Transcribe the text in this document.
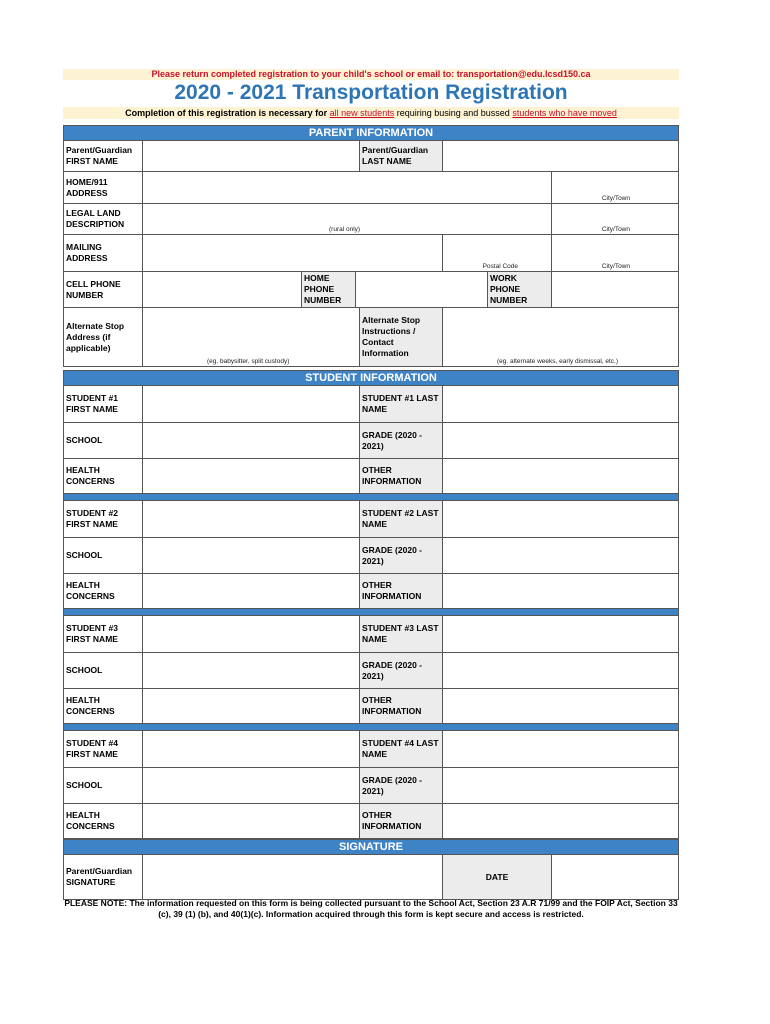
Please return completed registration to your child's school or email to: transportation@edu.lcsd150.ca
2020 - 2021 Transportation Registration
Completion of this registration is necessary for all new students requiring busing and bussed students who have moved
PARENT INFORMATION
Parent/Guardian FIRST NAME
Parent/Guardian LAST NAME
HOME/911 ADDRESS
City/Town
LEGAL LAND DESCRIPTION
(rural only)	City/Town
MAILING ADDRESS
Postal Code	City/Town
CELL PHONE NUMBER
HOME PHONE NUMBER
WORK PHONE NUMBER
Alternate Stop Address (if applicable)
(eg. babysitter, split custody)
Alternate Stop Instructions / Contact Information
(eg. alternate weeks, early dismissal, etc.)
STUDENT INFORMATION
STUDENT #1 FIRST NAME
STUDENT #1 LAST NAME
SCHOOL
GRADE (2020 - 2021)
HEALTH CONCERNS
OTHER INFORMATION
STUDENT #2 FIRST NAME
STUDENT #2 LAST NAME
SCHOOL
GRADE (2020 - 2021)
HEALTH CONCERNS
OTHER INFORMATION
STUDENT #3 FIRST NAME
STUDENT #3 LAST NAME
SCHOOL
GRADE (2020 - 2021)
HEALTH CONCERNS
OTHER INFORMATION
STUDENT #4 FIRST NAME
STUDENT #4 LAST NAME
SCHOOL
GRADE (2020 - 2021)
HEALTH CONCERNS
OTHER INFORMATION
SIGNATURE
Parent/Guardian SIGNATURE
DATE
PLEASE NOTE: The information requested on this form is being collected pursuant to the School Act, Section 23 A.R 71/99 and the FOIP Act, Section 33 (c), 39 (1) (b), and 40(1)(c). Information acquired through this form is kept secure and access is restricted.
